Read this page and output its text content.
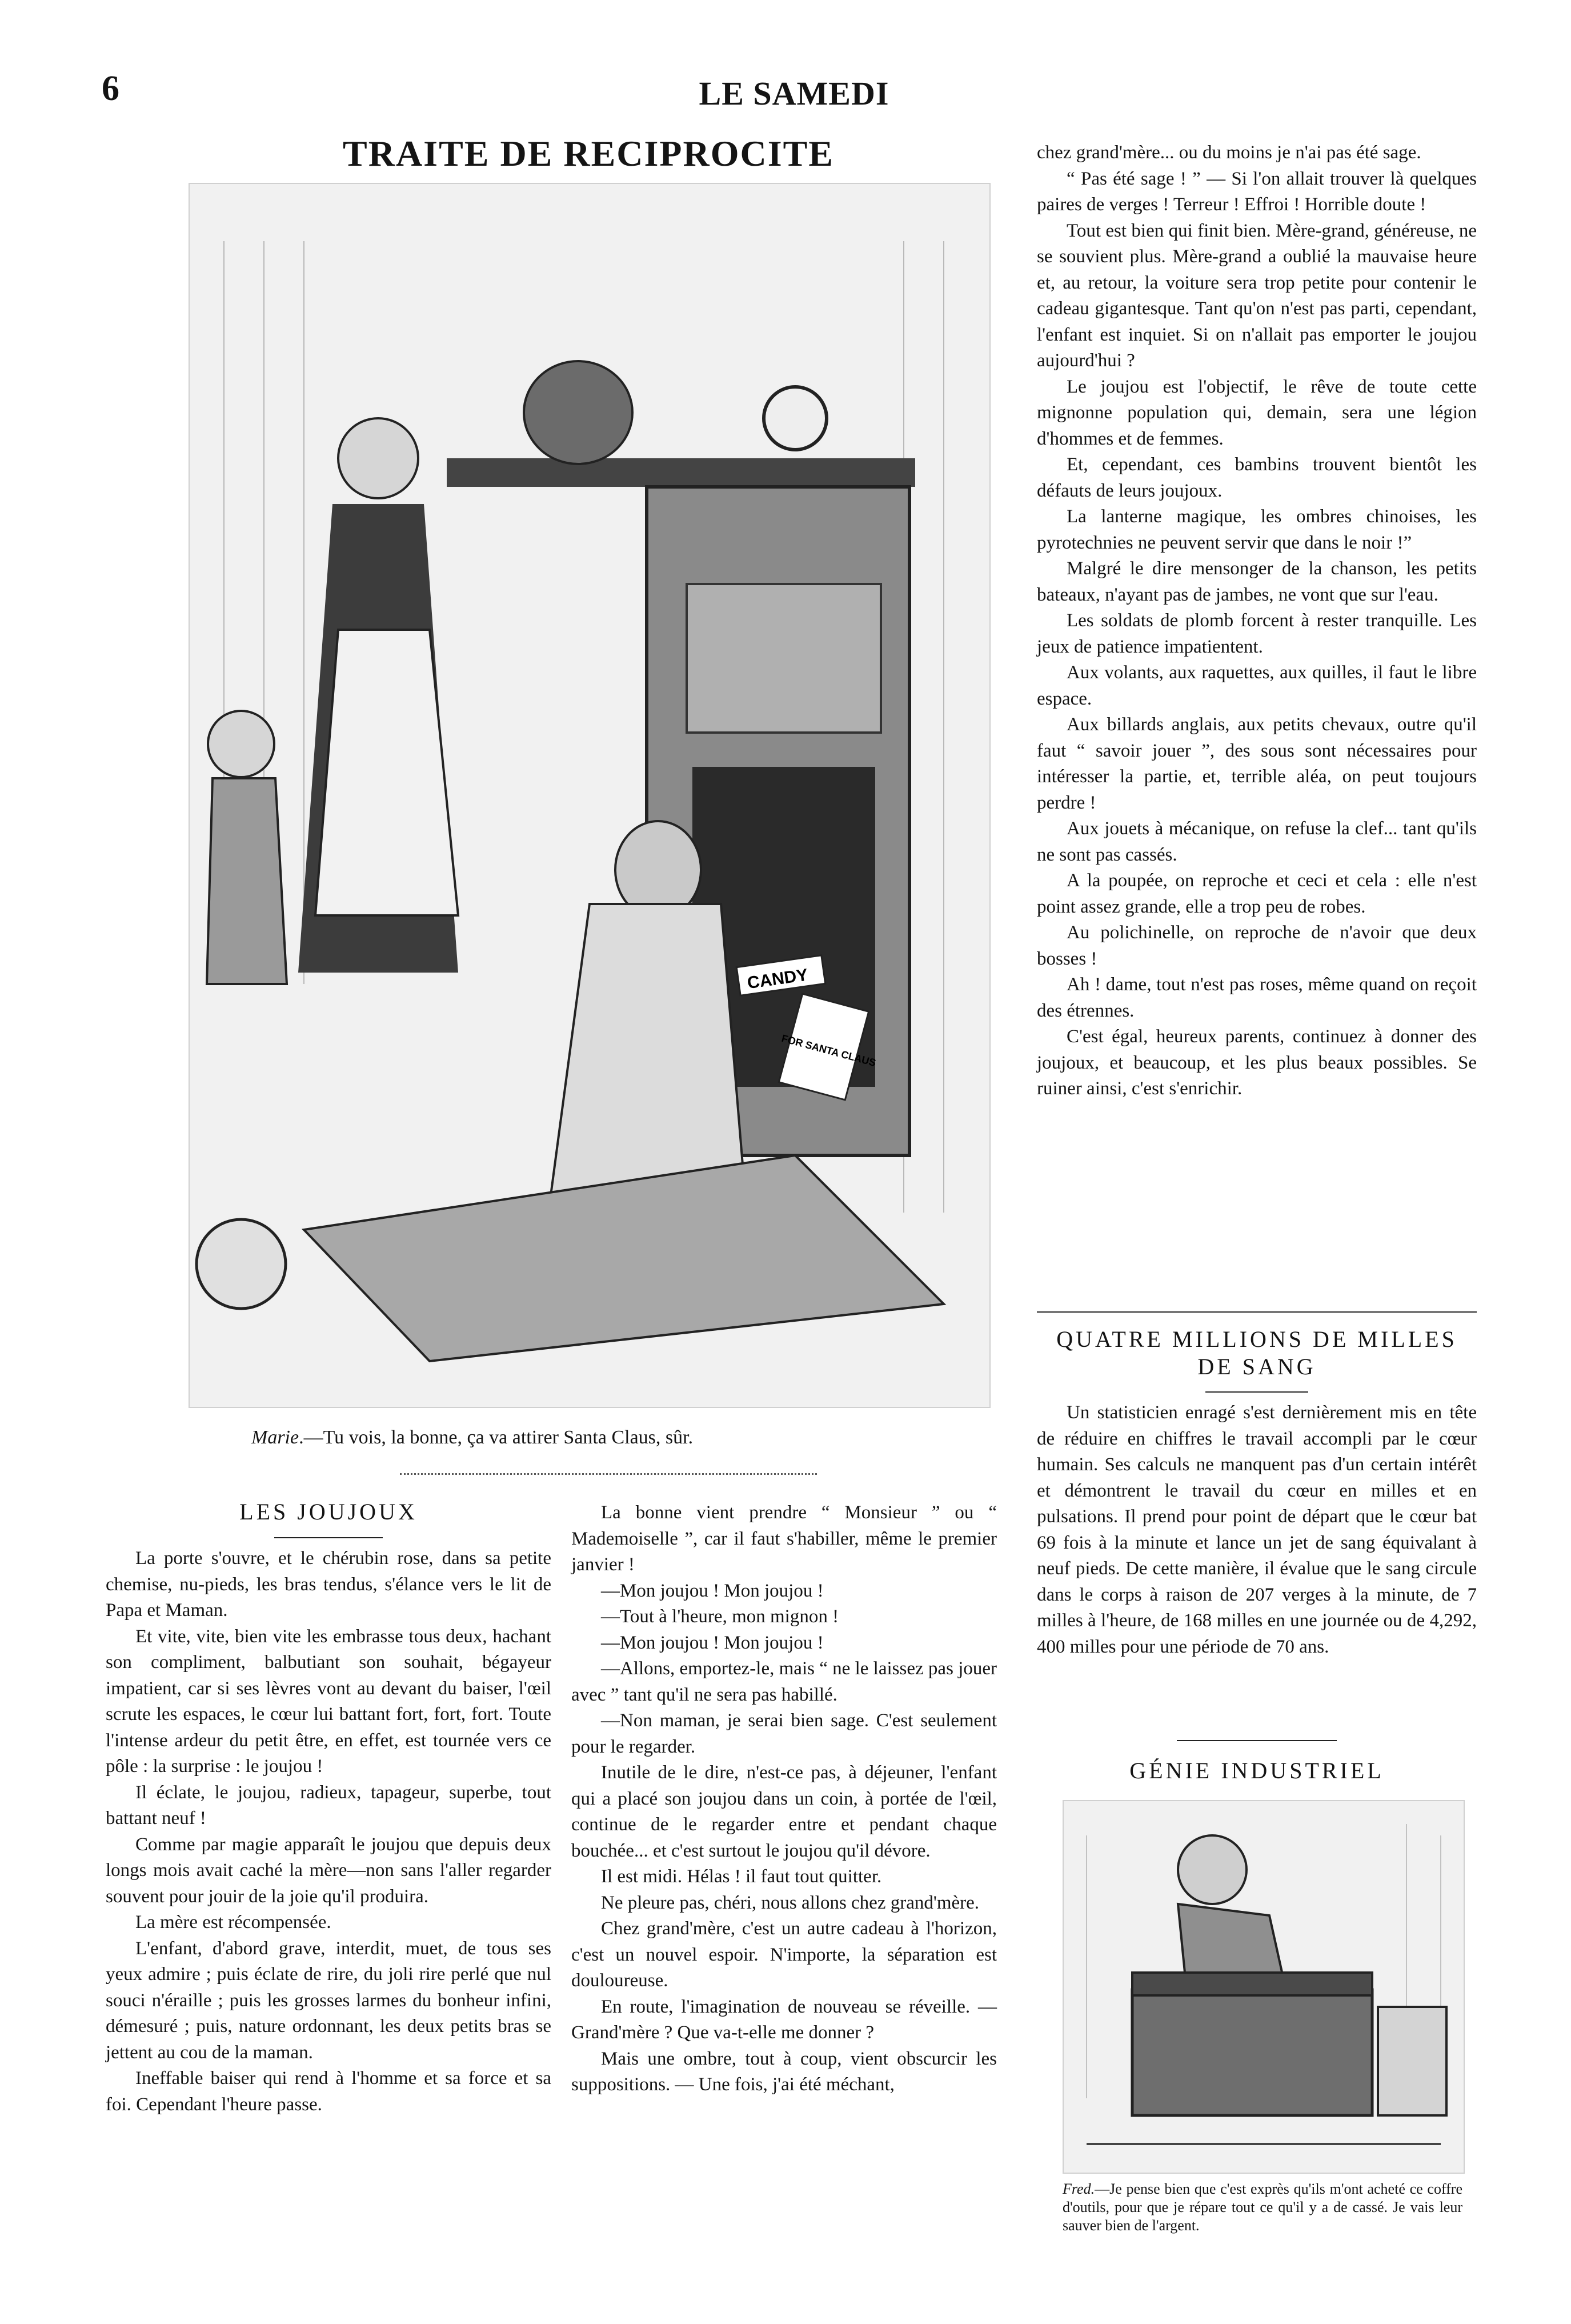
6	LE SAMEDI
TRAITE DE RECIPROCITE
CANDY
FOR SANTA CLAUS
Marie.—Tu vois, la bonne, ça va attirer Santa Claus, sûr.
LES JOUJOUX

La porte s'ouvre, et le chérubin rose, dans sa petite chemise, nu-pieds, les bras tendus, s'élance vers le lit de Papa et Maman.

Et vite, vite, bien vite les embrasse tous deux, hachant son compliment, balbutiant son souhait, bégayeur impatient, car si ses lèvres vont au devant du baiser, l'œil scrute les espaces, le cœur lui battant fort, fort, fort. Toute l'intense ardeur du petit être, en effet, est tournée vers ce pôle : la surprise : le joujou !

Il éclate, le joujou, radieux, tapageur, superbe, tout battant neuf !

Comme par magie apparaît le joujou que depuis deux longs mois avait caché la mère—non sans l'aller regarder souvent pour jouir de la joie qu'il produira.

La mère est récompensée.

L'enfant, d'abord grave, interdit, muet, de tous ses yeux admire ; puis éclate de rire, du joli rire perlé que nul souci n'éraille ; puis les grosses larmes du bonheur infini, démesuré ; puis, nature ordonnant, les deux petits bras se jettent au cou de la maman.

Ineffable baiser qui rend à l'homme et sa force et sa foi. Cependant l'heure passe.

La bonne vient prendre “ Monsieur ” ou “ Mademoiselle ”, car il faut s'habiller, même le premier janvier !

—Mon joujou ! Mon joujou !

—Tout à l'heure, mon mignon !

—Mon joujou ! Mon joujou !

—Allons, emportez-le, mais “ ne le laissez pas jouer avec ” tant qu'il ne sera pas habillé.

—Non maman, je serai bien sage. C'est seulement pour le regarder.

Inutile de le dire, n'est-ce pas, à déjeuner, l'enfant qui a placé son joujou dans un coin, à portée de l'œil, continue de le regarder entre et pendant chaque bouchée... et c'est surtout le joujou qu'il dévore.

Il est midi. Hélas ! il faut tout quitter.

Ne pleure pas, chéri, nous allons chez grand'mère.

Chez grand'mère, c'est un autre cadeau à l'horizon, c'est un nouvel espoir. N'importe, la séparation est douloureuse.

En route, l'imagination de nouveau se réveille. —Grand'mère ? Que va-t-elle me donner ?

Mais une ombre, tout à coup, vient obscurcir les suppositions. — Une fois, j'ai été méchant,

chez grand'mère... ou du moins je n'ai pas été sage.

“ Pas été sage ! ” — Si l'on allait trouver là quelques paires de verges ! Terreur ! Effroi ! Horrible doute !

Tout est bien qui finit bien. Mère-grand, généreuse, ne se souvient plus. Mère-grand a oublié la mauvaise heure et, au retour, la voiture sera trop petite pour contenir le cadeau gigantesque. Tant qu'on n'est pas parti, cependant, l'enfant est inquiet. Si on n'allait pas emporter le joujou aujourd'hui ?

Le joujou est l'objectif, le rêve de toute cette mignonne population qui, demain, sera une légion d'hommes et de femmes.

Et, cependant, ces bambins trouvent bientôt les défauts de leurs joujoux.

La lanterne magique, les ombres chinoises, les pyrotechnies ne peuvent servir que dans le noir !”

Malgré le dire mensonger de la chanson, les petits bateaux, n'ayant pas de jambes, ne vont que sur l'eau.

Les soldats de plomb forcent à rester tranquille. Les jeux de patience impatientent.

Aux volants, aux raquettes, aux quilles, il faut le libre espace.

Aux billards anglais, aux petits chevaux, outre qu'il faut “ savoir jouer ”, des sous sont nécessaires pour intéresser la partie, et, terrible aléa, on peut toujours perdre !

Aux jouets à mécanique, on refuse la clef... tant qu'ils ne sont pas cassés.

A la poupée, on reproche et ceci et cela : elle n'est point assez grande, elle a trop peu de robes.

Au polichinelle, on reproche de n'avoir que deux bosses !

Ah ! dame, tout n'est pas roses, même quand on reçoit des étrennes.

C'est égal, heureux parents, continuez à donner des joujoux, et beaucoup, et les plus beaux possibles. Se ruiner ainsi, c'est s'enrichir.

QUATRE MILLIONS DE MILLES DE SANG

Un statisticien enragé s'est dernièrement mis en tête de réduire en chiffres le travail accompli par le cœur humain. Ses calculs ne manquent pas d'un certain intérêt et démontrent le travail du cœur en milles et en pulsations. Il prend pour point de départ que le cœur bat 69 fois à la minute et lance un jet de sang équivalant à neuf pieds. De cette manière, il évalue que le sang circule dans le corps à raison de 207 verges à la minute, de 7 milles à l'heure, de 168 milles en une journée ou de 4,292, 400 milles pour une période de 70 ans.

GÉNIE INDUSTRIEL
Fred.—Je pense bien que c'est exprès qu'ils m'ont acheté ce coffre d'outils, pour que je répare tout ce qu'il y a de cassé. Je vais leur sauver bien de l'argent.
